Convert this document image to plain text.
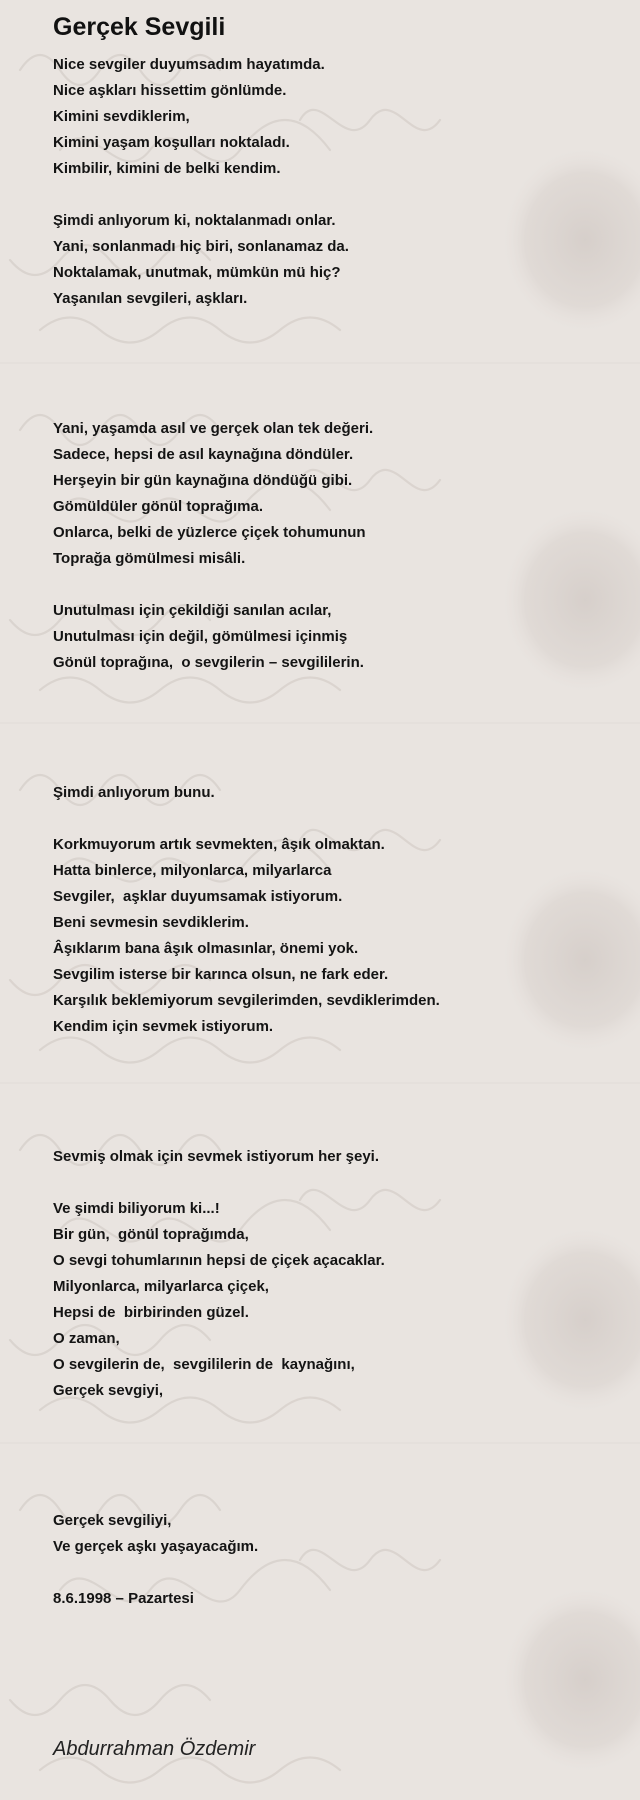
Gerçek Sevgili

Nice sevgiler duyumsadım hayatımda.

Nice aşkları hissettim gönlümde.

Kimini sevdiklerim,

Kimini yaşam koşulları noktaladı.

Kimbilir, kimini de belki kendim.

Şimdi anlıyorum ki, noktalanmadı onlar.

Yani, sonlanmadı hiç biri, sonlanamaz da.

Noktalamak, unutmak, mümkün mü hiç?

Yaşanılan sevgileri, aşkları.

Yani, yaşamda asıl ve gerçek olan tek değeri.

Sadece, hepsi de asıl kaynağına döndüler.

Herşeyin bir gün kaynağına döndüğü gibi.

Gömüldüler gönül toprağıma.

Onlarca, belki de yüzlerce çiçek tohumunun

Toprağa gömülmesi misâli.

Unutulması için çekildiği sanılan acılar,

Unutulması için değil, gömülmesi içinmiş

Gönül toprağına,  o sevgilerin – sevgililerin.

Şimdi anlıyorum bunu.

Korkmuyorum artık sevmekten, âşık olmaktan.

Hatta binlerce, milyonlarca, milyarlarca

Sevgiler,  aşklar duyumsamak istiyorum.

Beni sevmesin sevdiklerim.

Âşıklarım bana âşık olmasınlar, önemi yok.

Sevgilim isterse bir karınca olsun, ne fark eder.

Karşılık beklemiyorum sevgilerimden, sevdiklerimden.

Kendim için sevmek istiyorum.

Sevmiş olmak için sevmek istiyorum her şeyi.

Ve şimdi biliyorum ki...!

Bir gün,  gönül toprağımda,

O sevgi tohumlarının hepsi de çiçek açacaklar.

Milyonlarca, milyarlarca çiçek,

Hepsi de  birbirinden güzel.

O zaman,

O sevgilerin de,  sevgililerin de  kaynağını,

Gerçek sevgiyi,

Gerçek sevgiliyi,

Ve gerçek aşkı yaşayacağım.

8.6.1998 – Pazartesi

Abdurrahman Özdemir
